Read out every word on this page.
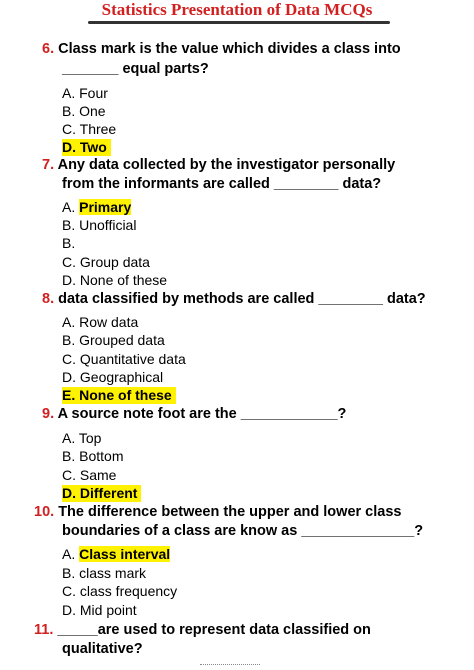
Statistics Presentation of Data MCQs
6. Class mark is the value which divides a class into
_______ equal parts?
A. Four
B. One
C. Three
D. Two
7. Any data collected by the investigator personally
from the informants are called ________ data?
A. Primary
B. Unofficial
B.
C. Group data
D. None of these
8. data classified by methods are called ________ data?
A. Row data
B. Grouped data
C. Quantitative data
D. Geographical
E. None of these
9. A source note foot are the ____________?
A. Top
B. Bottom
C. Same
D. Different
10. The difference between the upper and lower class
boundaries of a class are know as ______________?
A. Class interval
B. class mark
C. class frequency
D. Mid point
11. _____are used to represent data classified on
qualitative?
